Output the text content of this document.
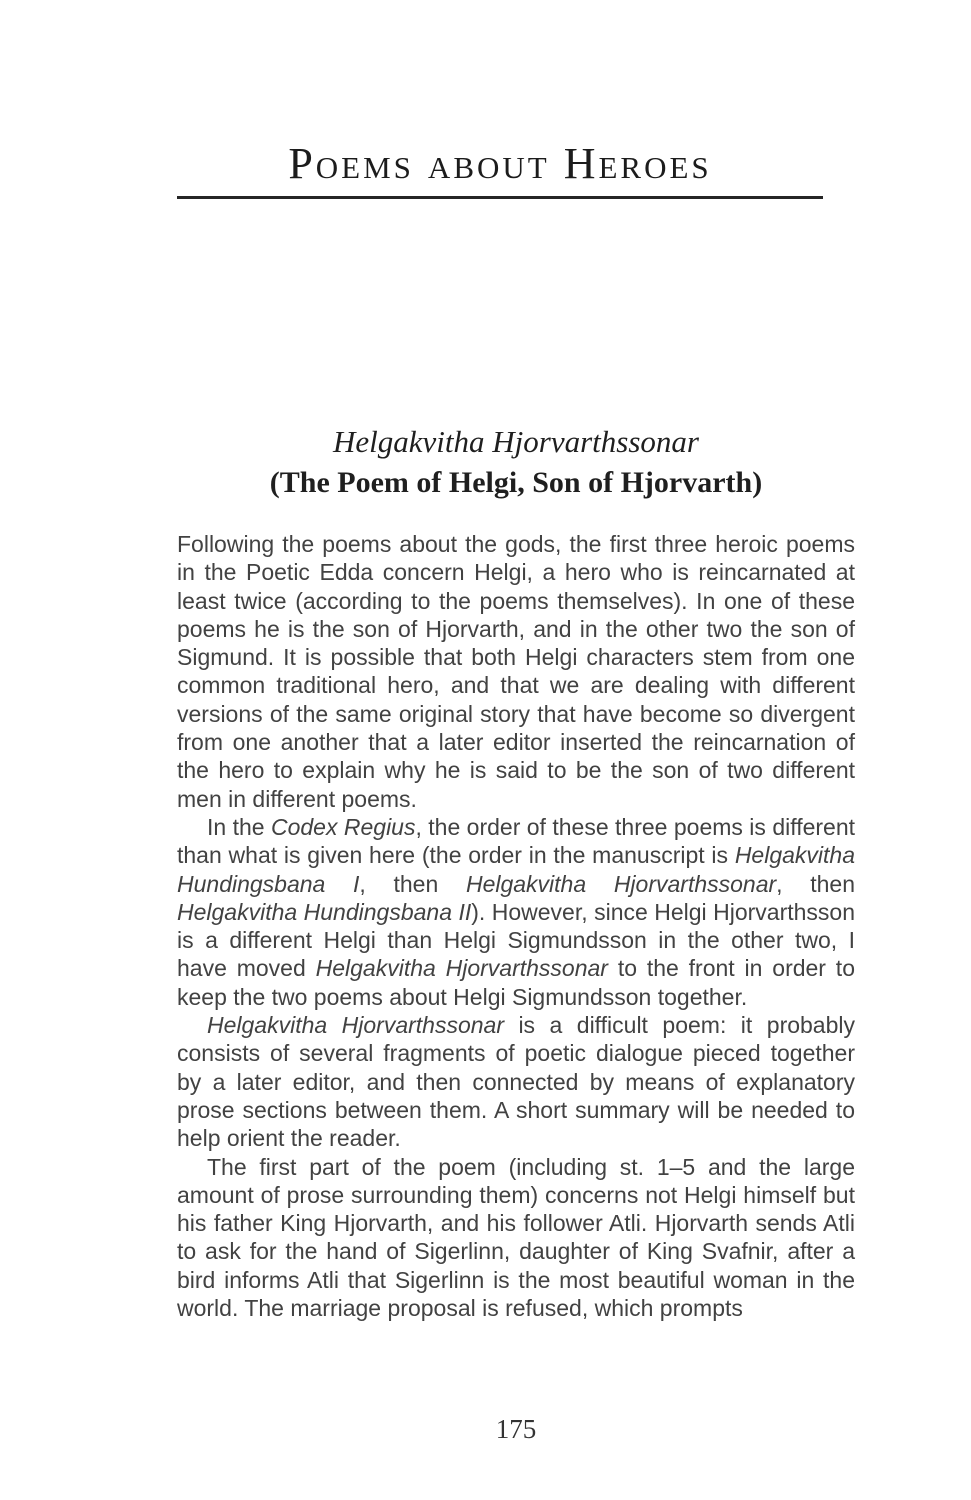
Poems about Heroes
Helgakvitha Hjorvarthssonar
(The Poem of Helgi, Son of Hjorvarth)

Following the poems about the gods, the first three heroic poems in the Poetic Edda concern Helgi, a hero who is reincarnated at least twice (according to the poems themselves). In one of these poems he is the son of Hjorvarth, and in the other two the son of Sigmund. It is possible that both Helgi characters stem from one common traditional hero, and that we are dealing with different versions of the same original story that have become so divergent from one another that a later editor inserted the reincarnation of the hero to explain why he is said to be the son of two different men in different poems.

In the Codex Regius, the order of these three poems is different than what is given here (the order in the manuscript is Helgakvitha Hundingsbana I, then Helgakvitha Hjorvarthssonar, then Helgakvitha Hundingsbana II). However, since Helgi Hjorvarthsson is a different Helgi than Helgi Sigmundsson in the other two, I have moved Helgakvitha Hjorvarthssonar to the front in order to keep the two poems about Helgi Sigmundsson together.

Helgakvitha Hjorvarthssonar is a difficult poem: it probably consists of several fragments of poetic dialogue pieced together by a later editor, and then connected by means of explanatory prose sections between them. A short summary will be needed to help orient the reader.

The first part of the poem (including st. 1–5 and the large amount of prose surrounding them) concerns not Helgi himself but his father King Hjorvarth, and his follower Atli. Hjorvarth sends Atli to ask for the hand of Sigerlinn, daughter of King Svafnir, after a bird informs Atli that Sigerlinn is the most beautiful woman in the world. The marriage proposal is refused, which prompts

175
